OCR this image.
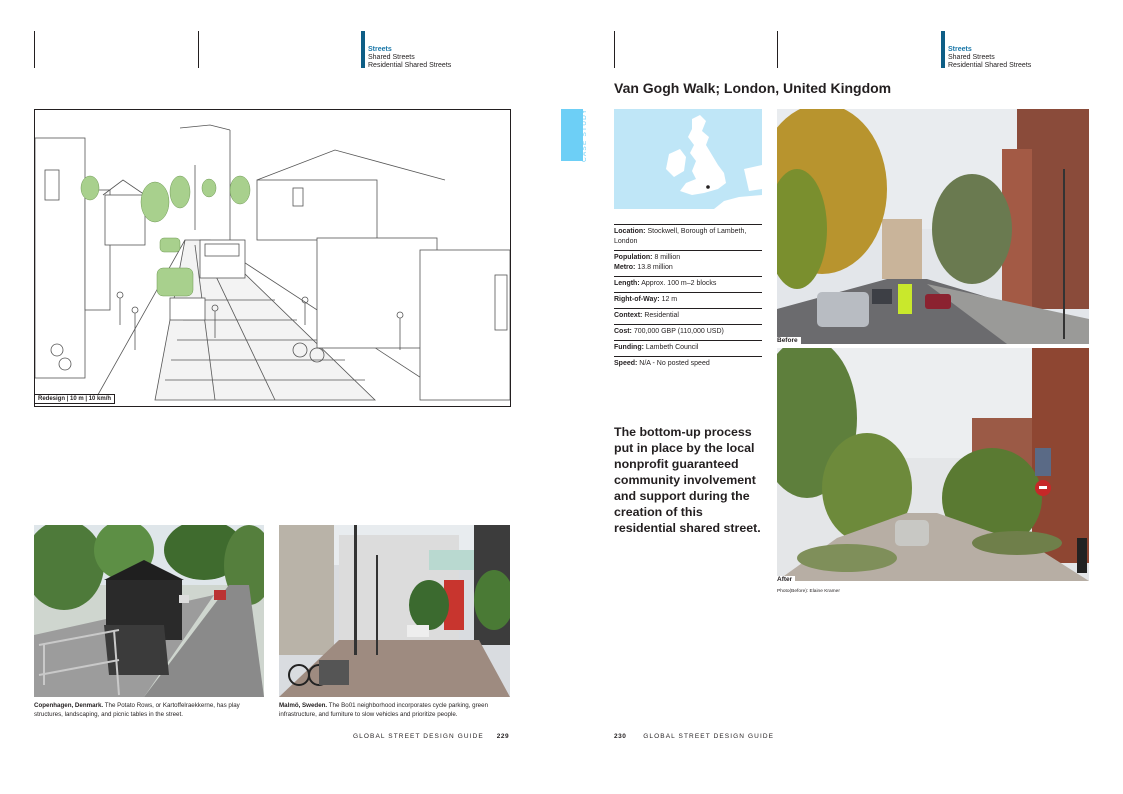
Streets
Shared Streets
Residential Shared Streets
Redesign | 10 m | 10 km/h
Copenhagen, Denmark. The Potato Rows, or Kartoffelraekkerne, has play structures, landscaping, and picnic tables in the street.
Malmö, Sweden. The Bo01 neighborhood incorporates cycle parking, green infrastructure, and furniture to slow vehicles and prioritize people.
GLOBAL STREET DESIGN GUIDE 229
Streets
Shared Streets
Residential Shared Streets
Van Gogh Walk; London, United Kingdom
CASE STUDY
Location: Stockwell, Borough of Lambeth, London
Population: 8 million
Metro: 13.8 million
Length: Approx. 100 m–2 blocks
Right-of-Way: 12 m
Context: Residential
Cost: 700,000 GBP (110,000 USD)
Funding: Lambeth Council
Speed: N/A - No posted speed
The bottom-up process put in place by the local nonprofit guaranteed community involvement and support during the creation of this residential shared street.
Before
After
Photo(Before): Elaine Kramer
230	GLOBAL STREET DESIGN GUIDE
